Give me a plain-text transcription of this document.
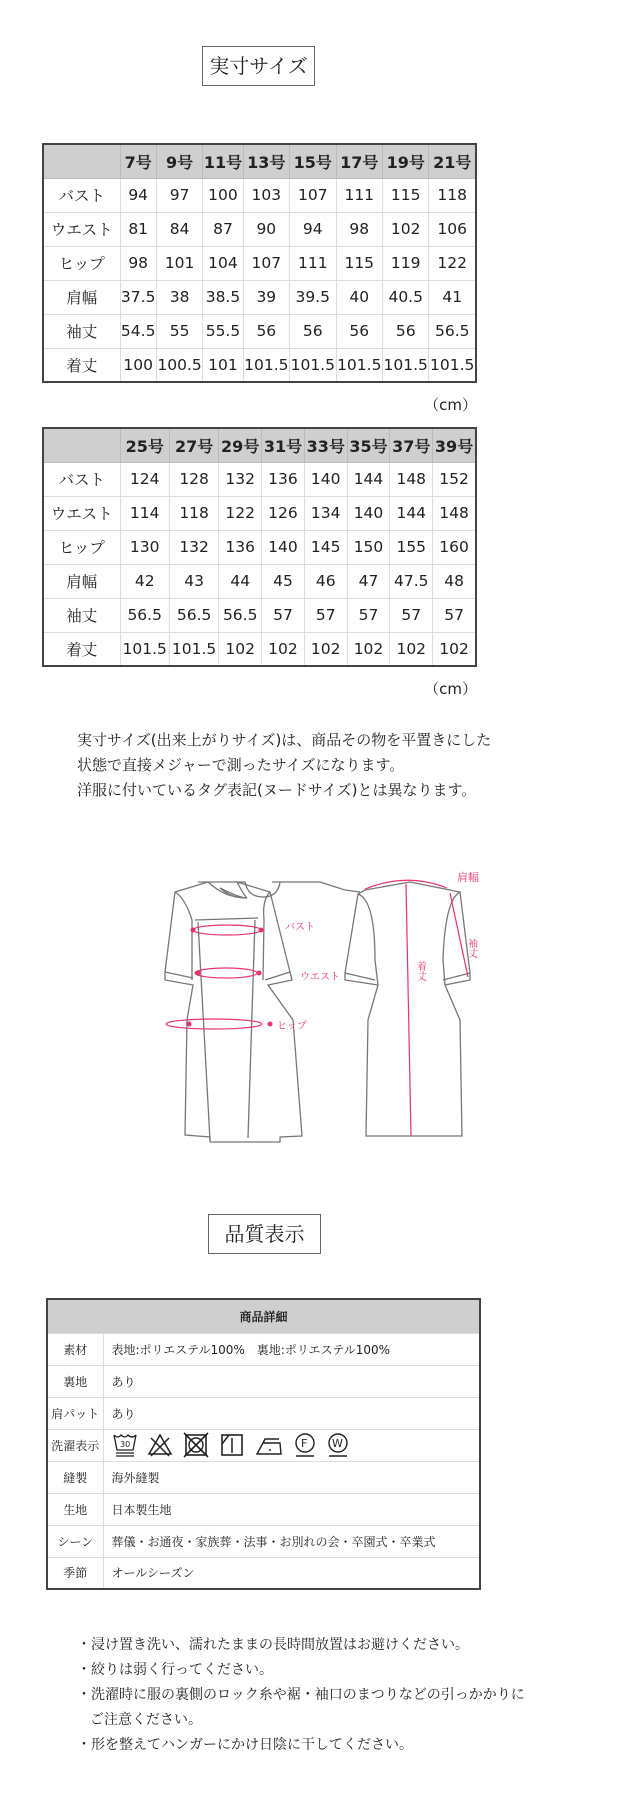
実寸サイズ
	7号	9号	11号	13号	15号	17号	19号	21号
バスト	94	97	100	103	107	111	115	118
ウエスト	81	84	87	90	94	98	102	106
ヒップ	98	101	104	107	111	115	119	122
肩幅	37.5	38	38.5	39	39.5	40	40.5	41
袖丈	54.5	55	55.5	56	56	56	56	56.5
着丈	100	100.5	101	101.5	101.5	101.5	101.5	101.5
（cm）
	25号	27号	29号	31号	33号	35号	37号	39号
バスト	124	128	132	136	140	144	148	152
ウエスト	114	118	122	126	134	140	144	148
ヒップ	130	132	136	140	145	150	155	160
肩幅	42	43	44	45	46	47	47.5	48
袖丈	56.5	56.5	56.5	57	57	57	57	57
着丈	101.5	101.5	102	102	102	102	102	102
（cm）
実寸サイズ(出来上がりサイズ)は、商品その物を平置きにした
状態で直接メジャーで測ったサイズになります。
洋服に付いているタグ表記(ヌードサイズ)とは異なります。
バスト
ウエスト
ヒップ
肩幅
袖丈
着丈
品質表示
商品詳細	
素材	表地:ポリエステル100%　裏地:ポリエステル100%
裏地	あり
肩パット	あり
洗濯表示	30
F
W

縫製	海外縫製
生地	日本製生地
シーン	葬儀・お通夜・家族葬・法事・お別れの会・卒園式・卒業式
季節	オールシーズン
・浸け置き洗い、濡れたままの長時間放置はお避けください。
・絞りは弱く行ってください。
・洗濯時に服の裏側のロック糸や裾・袖口のまつりなどの引っかかりに
ご注意ください。
・形を整えてハンガーにかけ日陰に干してください。
